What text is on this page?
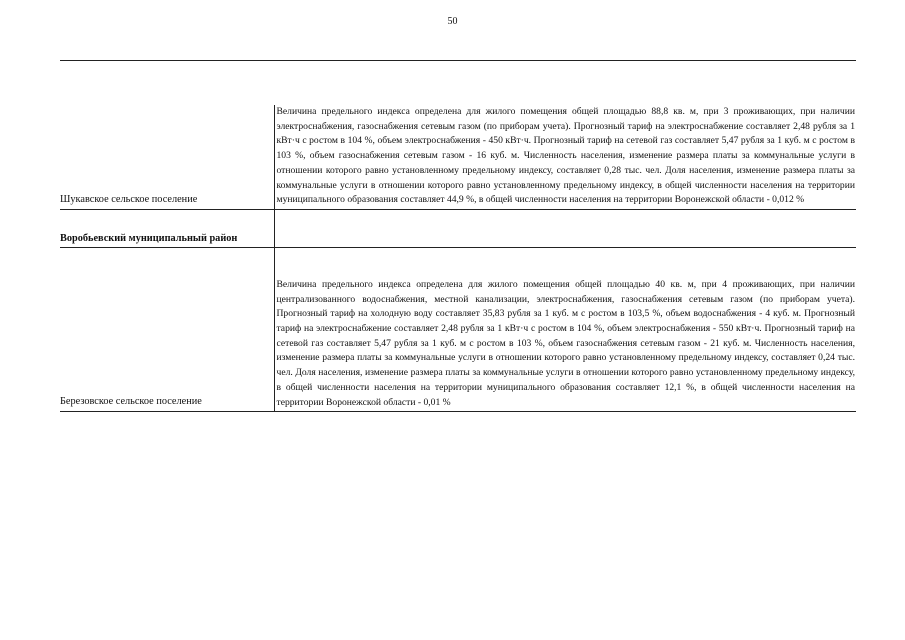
50

Шукавское сельское поселение	Величина предельного индекса определена для жилого помещения общей площадью 88,8 кв. м, при 3 проживающих, при наличии электроснабжения, газоснабжения сетевым газом (по приборам учета). Прогнозный тариф на электроснабжение составляет 2,48 рубля за 1 кВт·ч с ростом в 104 %, объем электроснабжения - 450 кВт·ч. Прогнозный тариф на сетевой газ составляет 5,47 рубля за 1 куб. м с ростом в 103 %, объем газоснабжения сетевым газом - 16 куб. м. Численность населения, изменение размера платы за коммунальные услуги в отношении которого равно установленному предельному индексу, составляет 0,28 тыс. чел. Доля населения, изменение размера платы за коммунальные услуги в отношении которого равно установленному предельному индексу, в общей численности населения на территории муниципального образования составляет 44,9 %, в общей численности населения на территории Воронежской области - 0,012 %

Воробьевский муниципальный район	

Березовское сельское поселение	Величина предельного индекса определена для жилого помещения общей площадью 40 кв. м, при 4 проживающих, при наличии централизованного водоснабжения, местной канализации, электроснабжения, газоснабжения сетевым газом (по приборам учета). Прогнозный тариф на холодную воду составляет 35,83 рубля за 1 куб. м с ростом в 103,5 %, объем водоснабжения - 4 куб. м. Прогнозный тариф на электроснабжение составляет 2,48 рубля за 1 кВт·ч с ростом в 104 %, объем электроснабжения - 550 кВт·ч. Прогнозный тариф на сетевой газ составляет 5,47 рубля за 1 куб. м с ростом в 103 %, объем газоснабжения сетевым газом - 21 куб. м. Численность населения, изменение размера платы за коммунальные услуги в отношении которого равно установленному предельному индексу, составляет 0,24 тыс. чел. Доля населения, изменение размера платы за коммунальные услуги в отношении которого равно установленному предельному индексу, в общей численности населения на территории муниципального образования составляет 12,1 %, в общей численности населения на территории Воронежской области - 0,01 %
